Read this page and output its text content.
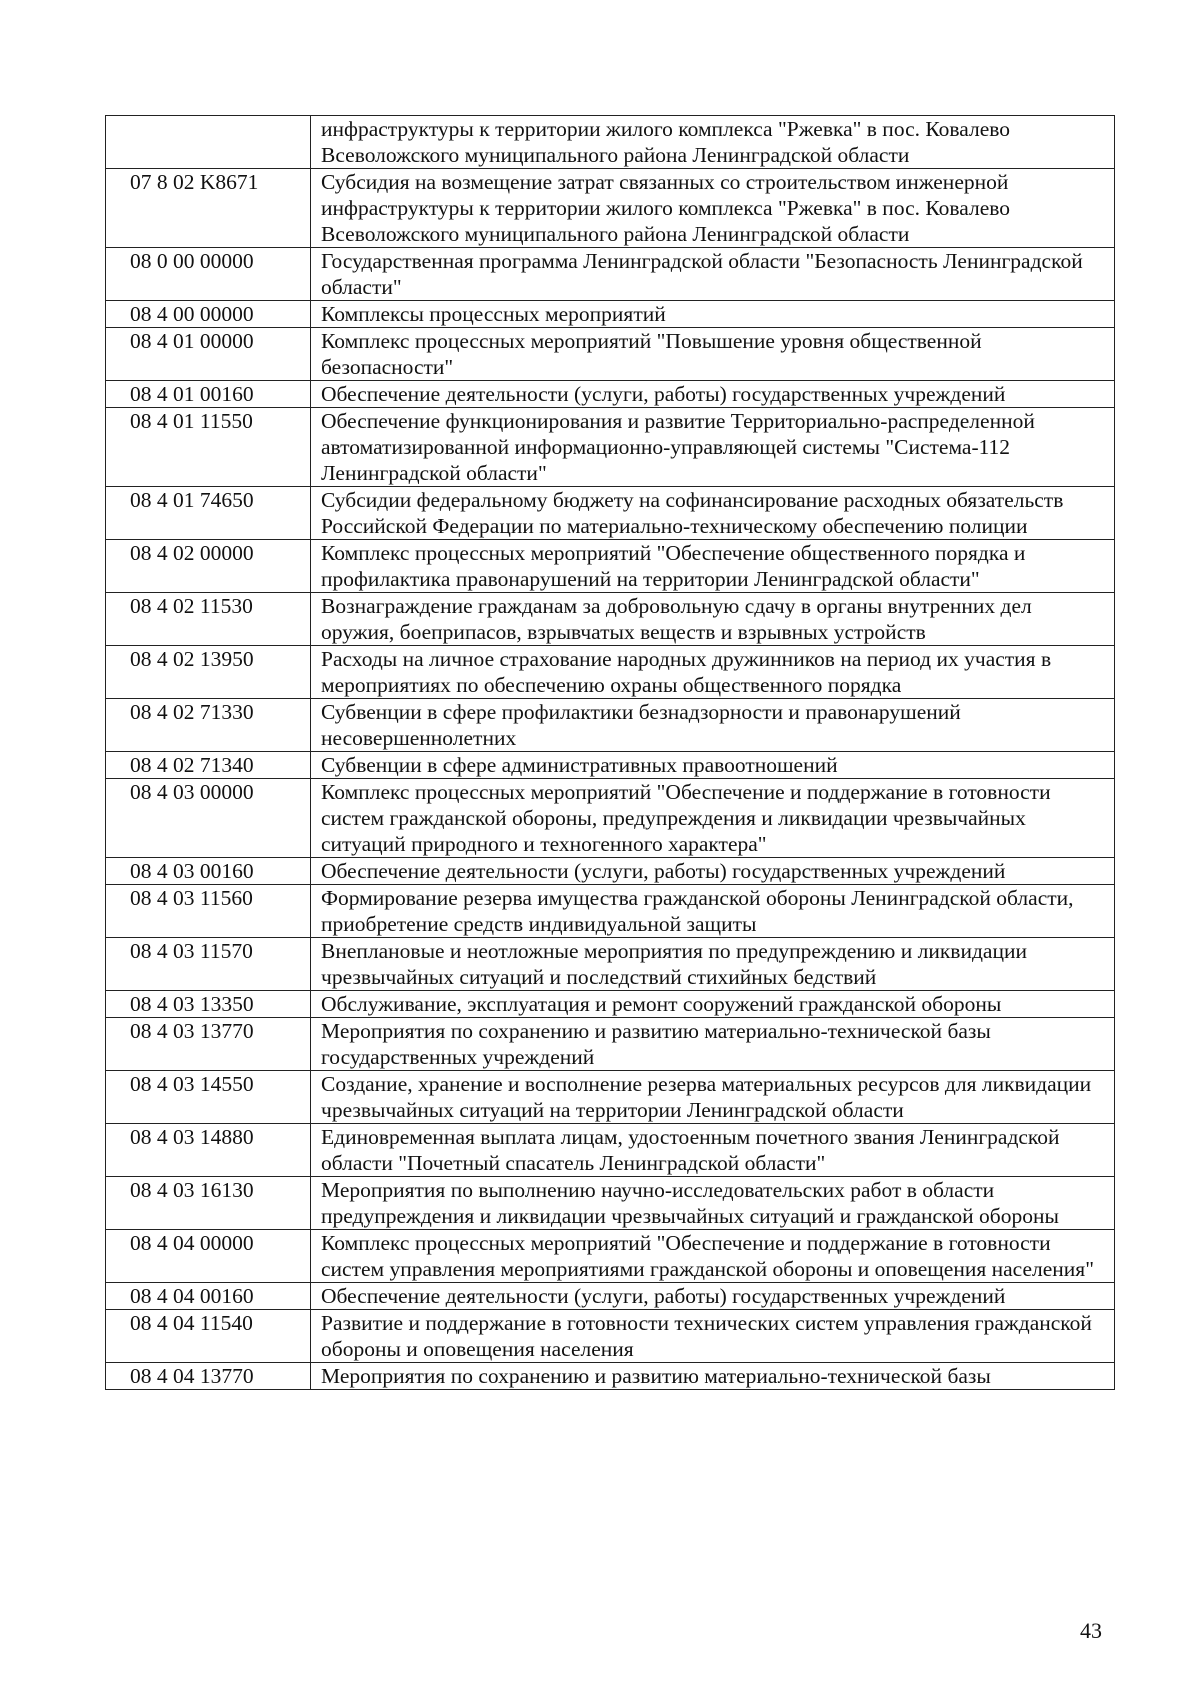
	инфраструктуры к территории жилого комплекса "Ржевка" в пос. Ковалево Всеволожского муниципального района Ленинградской области
07 8 02 K8671	Субсидия на возмещение затрат связанных со строительством инженерной инфраструктуры к территории жилого комплекса "Ржевка" в пос. Ковалево Всеволожского муниципального района Ленинградской области
08 0 00 00000	Государственная программа Ленинградской области "Безопасность Ленинградской области"
08 4 00 00000	Комплексы процессных мероприятий
08 4 01 00000	Комплекс процессных мероприятий "Повышение уровня общественной безопасности"
08 4 01 00160	Обеспечение деятельности (услуги, работы) государственных учреждений
08 4 01 11550	Обеспечение функционирования и развитие Территориально-распределенной автоматизированной информационно-управляющей системы "Система-112 Ленинградской области"
08 4 01 74650	Субсидии федеральному бюджету на софинансирование расходных обязательств Российской Федерации по материально-техническому обеспечению полиции
08 4 02 00000	Комплекс процессных мероприятий "Обеспечение общественного порядка и профилактика правонарушений на территории Ленинградской области"
08 4 02 11530	Вознаграждение гражданам за добровольную сдачу в органы внутренних дел оружия, боеприпасов, взрывчатых веществ и взрывных устройств
08 4 02 13950	Расходы на личное страхование народных дружинников на период их участия в мероприятиях по обеспечению охраны общественного порядка
08 4 02 71330	Субвенции в сфере профилактики безнадзорности и правонарушений несовершеннолетних
08 4 02 71340	Субвенции в сфере административных правоотношений
08 4 03 00000	Комплекс процессных мероприятий "Обеспечение и поддержание в готовности систем гражданской обороны, предупреждения и ликвидации чрезвычайных ситуаций природного и техногенного характера"
08 4 03 00160	Обеспечение деятельности (услуги, работы) государственных учреждений
08 4 03 11560	Формирование резерва имущества гражданской обороны Ленинградской области, приобретение средств индивидуальной защиты
08 4 03 11570	Внеплановые и неотложные мероприятия по предупреждению и ликвидации чрезвычайных ситуаций и последствий стихийных бедствий
08 4 03 13350	Обслуживание, эксплуатация и ремонт сооружений гражданской обороны
08 4 03 13770	Мероприятия по сохранению и развитию материально-технической базы государственных учреждений
08 4 03 14550	Создание, хранение и восполнение резерва материальных ресурсов для ликвидации чрезвычайных ситуаций на территории Ленинградской области
08 4 03 14880	Единовременная выплата лицам, удостоенным почетного звания Ленинградской области "Почетный спасатель Ленинградской области"
08 4 03 16130	Мероприятия по выполнению научно-исследовательских работ в области предупреждения и ликвидации чрезвычайных ситуаций и гражданской обороны
08 4 04 00000	Комплекс процессных мероприятий "Обеспечение и поддержание в готовности систем управления мероприятиями гражданской обороны и оповещения населения"
08 4 04 00160	Обеспечение деятельности (услуги, работы) государственных учреждений
08 4 04 11540	Развитие и поддержание в готовности технических систем управления гражданской обороны и оповещения населения
08 4 04 13770	Мероприятия по сохранению и развитию материально-технической базы
43
